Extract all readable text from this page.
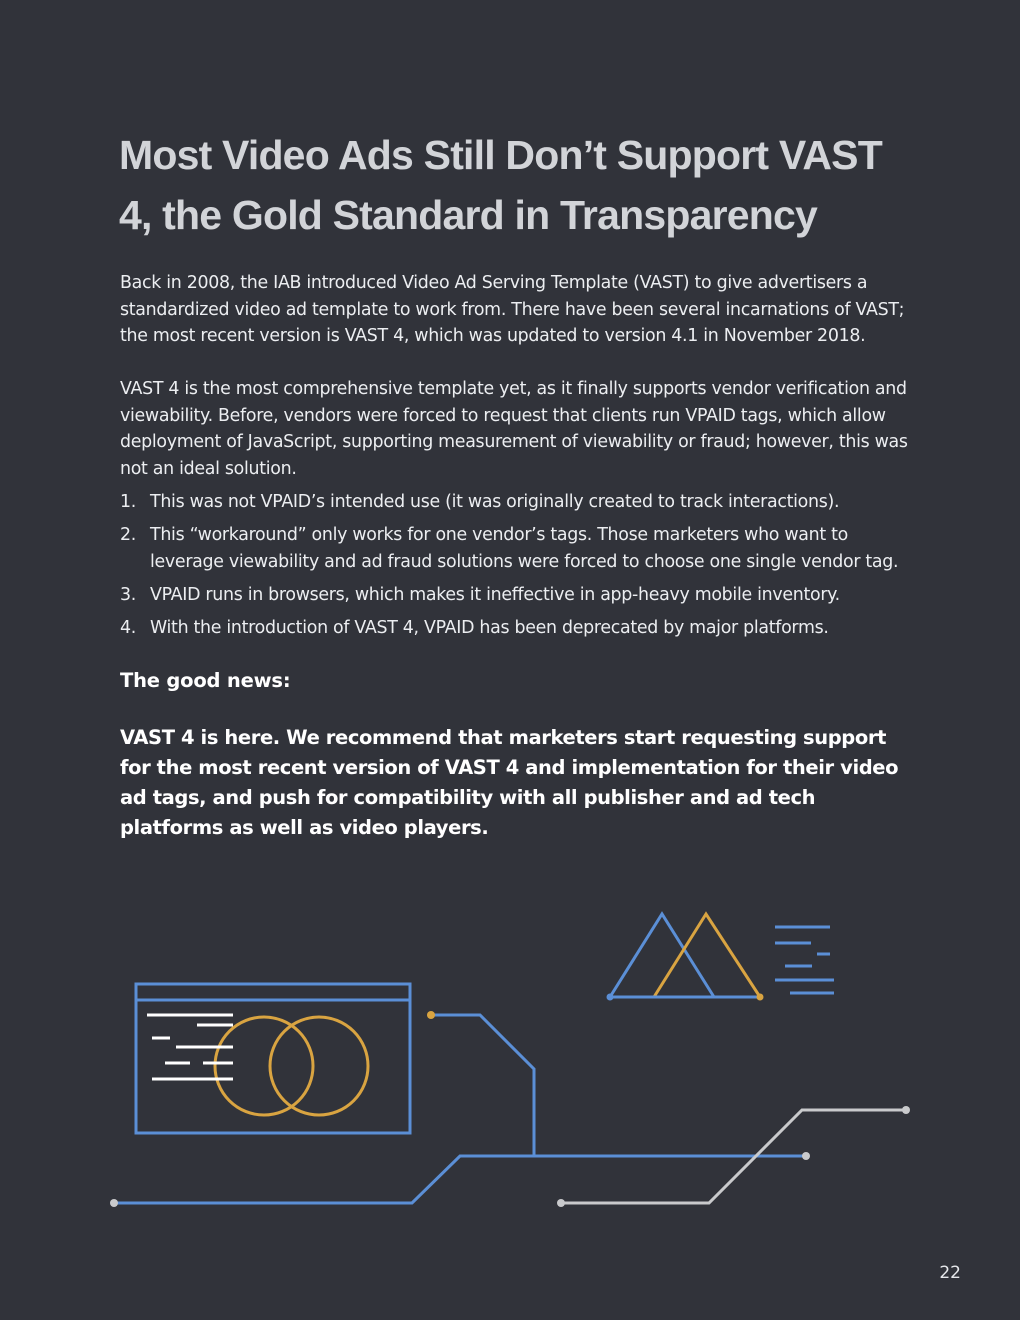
Most Video Ads Still Don’t Support VAST 4, the Gold Standard in Transparency

Back in 2008, the IAB introduced Video Ad Serving Template (VAST) to give advertisers a standardized video ad template to work from. There have been several incarnations of VAST; the most recent version is VAST 4, which was updated to version 4.1 in November 2018.

VAST 4 is the most comprehensive template yet, as it finally supports vendor verification and viewability. Before, vendors were forced to request that clients run VPAID tags, which allow deployment of JavaScript, supporting measurement of viewability or fraud; however, this was not an ideal solution.

1. This was not VPAID’s intended use (it was originally created to track interactions).
2. This “workaround” only works for one vendor’s tags. Those marketers who want to leverage viewability and ad fraud solutions were forced to choose one single vendor tag.
3. VPAID runs in browsers, which makes it ineffective in app-heavy mobile inventory.
4. With the introduction of VAST 4, VPAID has been deprecated by major platforms.

The good news:

VAST 4 is here. We recommend that marketers start requesting support for the most recent version of VAST 4 and implementation for their video ad tags, and push for compatibility with all publisher and ad tech platforms as well as video players.

22
